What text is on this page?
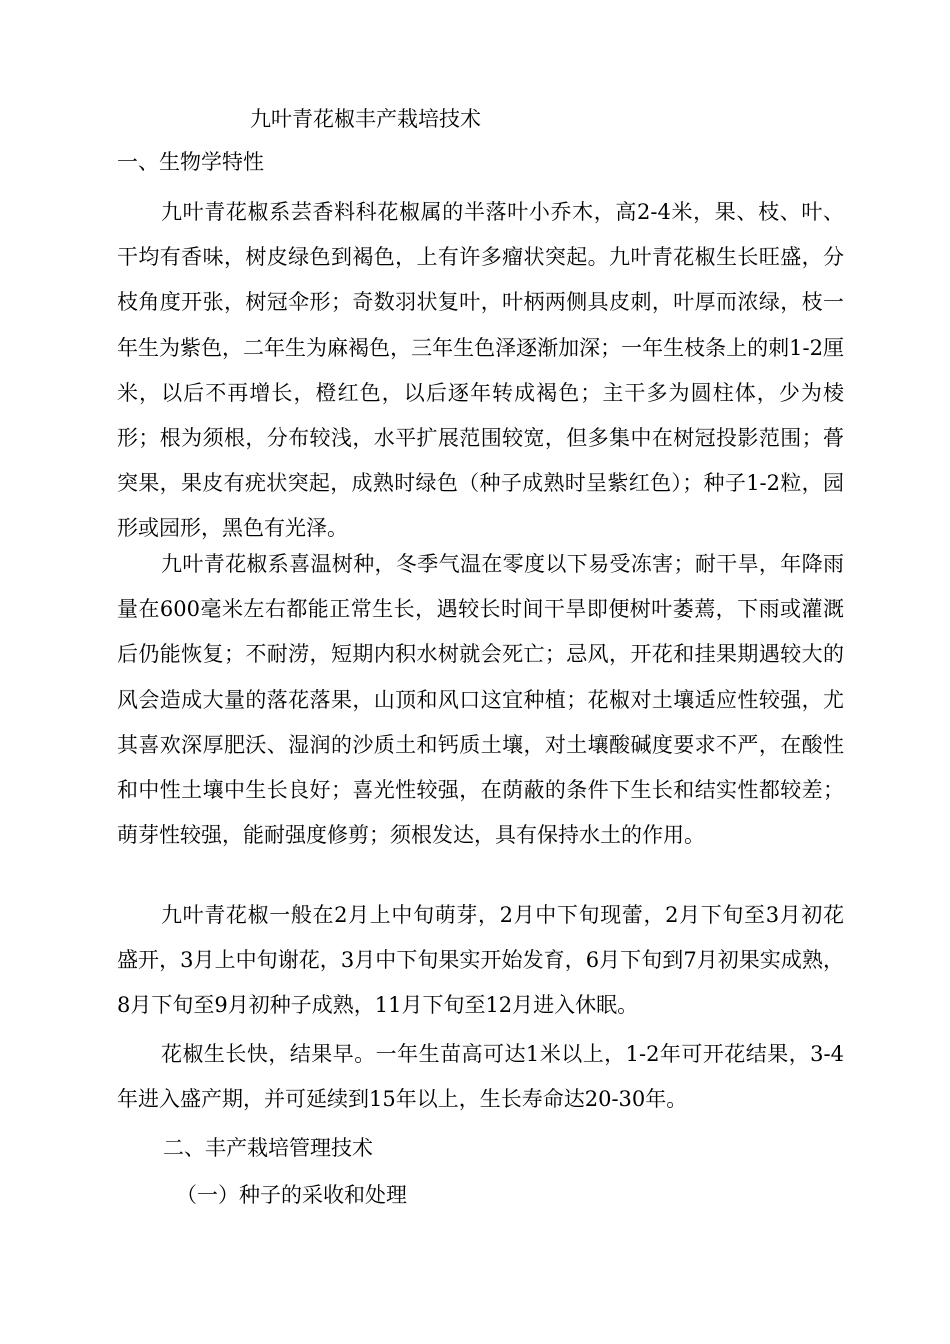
九叶青花椒丰产栽培技术
一、生物学特性
九叶青花椒系芸香料科花椒属的半落叶小乔木，高2-4米，果、枝、叶、干均有香味，树皮绿色到褐色，上有许多瘤状突起。九叶青花椒生长旺盛，分枝角度开张，树冠伞形；奇数羽状复叶，叶柄两侧具皮刺，叶厚而浓绿，枝一年生为紫色，二年生为麻褐色，三年生色泽逐渐加深；一年生枝条上的刺1-2厘米，以后不再增长，橙红色，以后逐年转成褐色；主干多为圆柱体，少为棱形；根为须根，分布较浅，水平扩展范围较宽，但多集中在树冠投影范围；蓇突果，果皮有疣状突起，成熟时绿色（种子成熟时呈紫红色）；种子1-2粒，园形或园形，黑色有光泽。
九叶青花椒系喜温树种，冬季气温在零度以下易受冻害；耐干旱，年降雨量在600毫米左右都能正常生长，遇较长时间干旱即便树叶萎蔫，下雨或灌溉后仍能恢复；不耐涝，短期内积水树就会死亡；忌风，开花和挂果期遇较大的风会造成大量的落花落果，山顶和风口这宜种植；花椒对土壤适应性较强，尤其喜欢深厚肥沃、湿润的沙质土和钙质土壤，对土壤酸碱度要求不严，在酸性和中性土壤中生长良好；喜光性较强，在荫蔽的条件下生长和结实性都较差；萌芽性较强，能耐强度修剪；须根发达，具有保持水土的作用。
九叶青花椒一般在2月上中旬萌芽，2月中下旬现蕾，2月下旬至3月初花盛开，3月上中旬谢花，3月中下旬果实开始发育，6月下旬到7月初果实成熟，8月下旬至9月初种子成熟，11月下旬至12月进入休眠。
花椒生长快，结果早。一年生苗高可达1米以上，1-2年可开花结果，3-4年进入盛产期，并可延续到15年以上，生长寿命达20-30年。
二、丰产栽培管理技术
（一）种子的采收和处理
